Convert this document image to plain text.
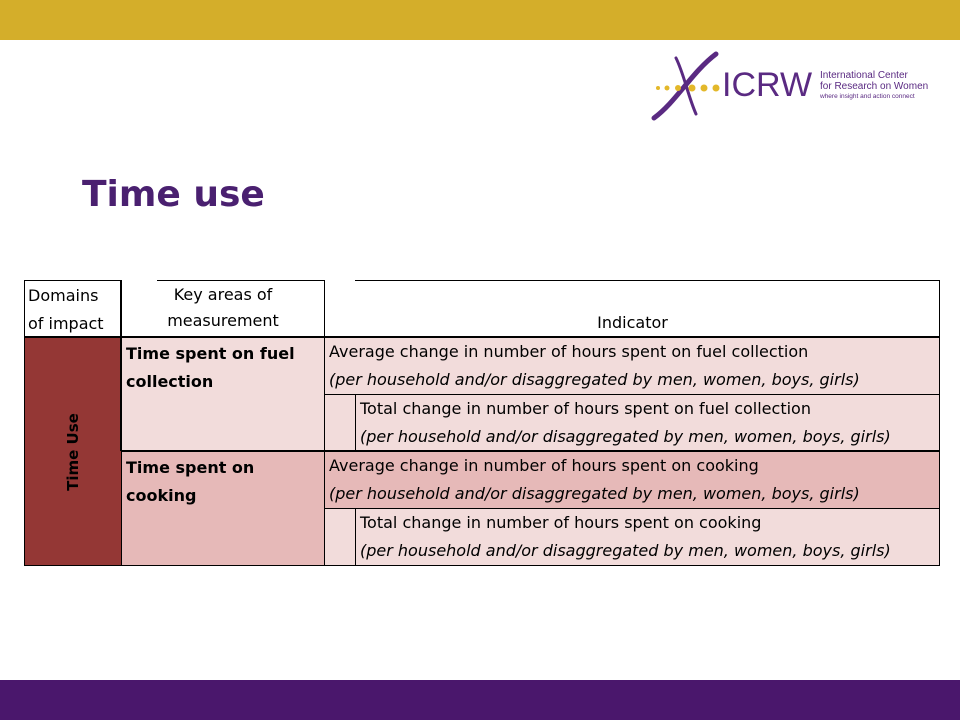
ICRW International Center
for Research on Women
where insight and action connect
Time use
Domains
of impact
Key areas of
measurement	Indicator
Time Use
Time spent on fuel
collection
Average change in number of hours spent on fuel collection
(per household and/or disaggregated by men, women, boys, girls)
Total change in number of hours spent on fuel collection
(per household and/or disaggregated by men, women, boys, girls)
Time spent on
cooking
Average change in number of hours spent on cooking
(per household and/or disaggregated by men, women, boys, girls)
Total change in number of hours spent on cooking
(per household and/or disaggregated by men, women, boys, girls)
